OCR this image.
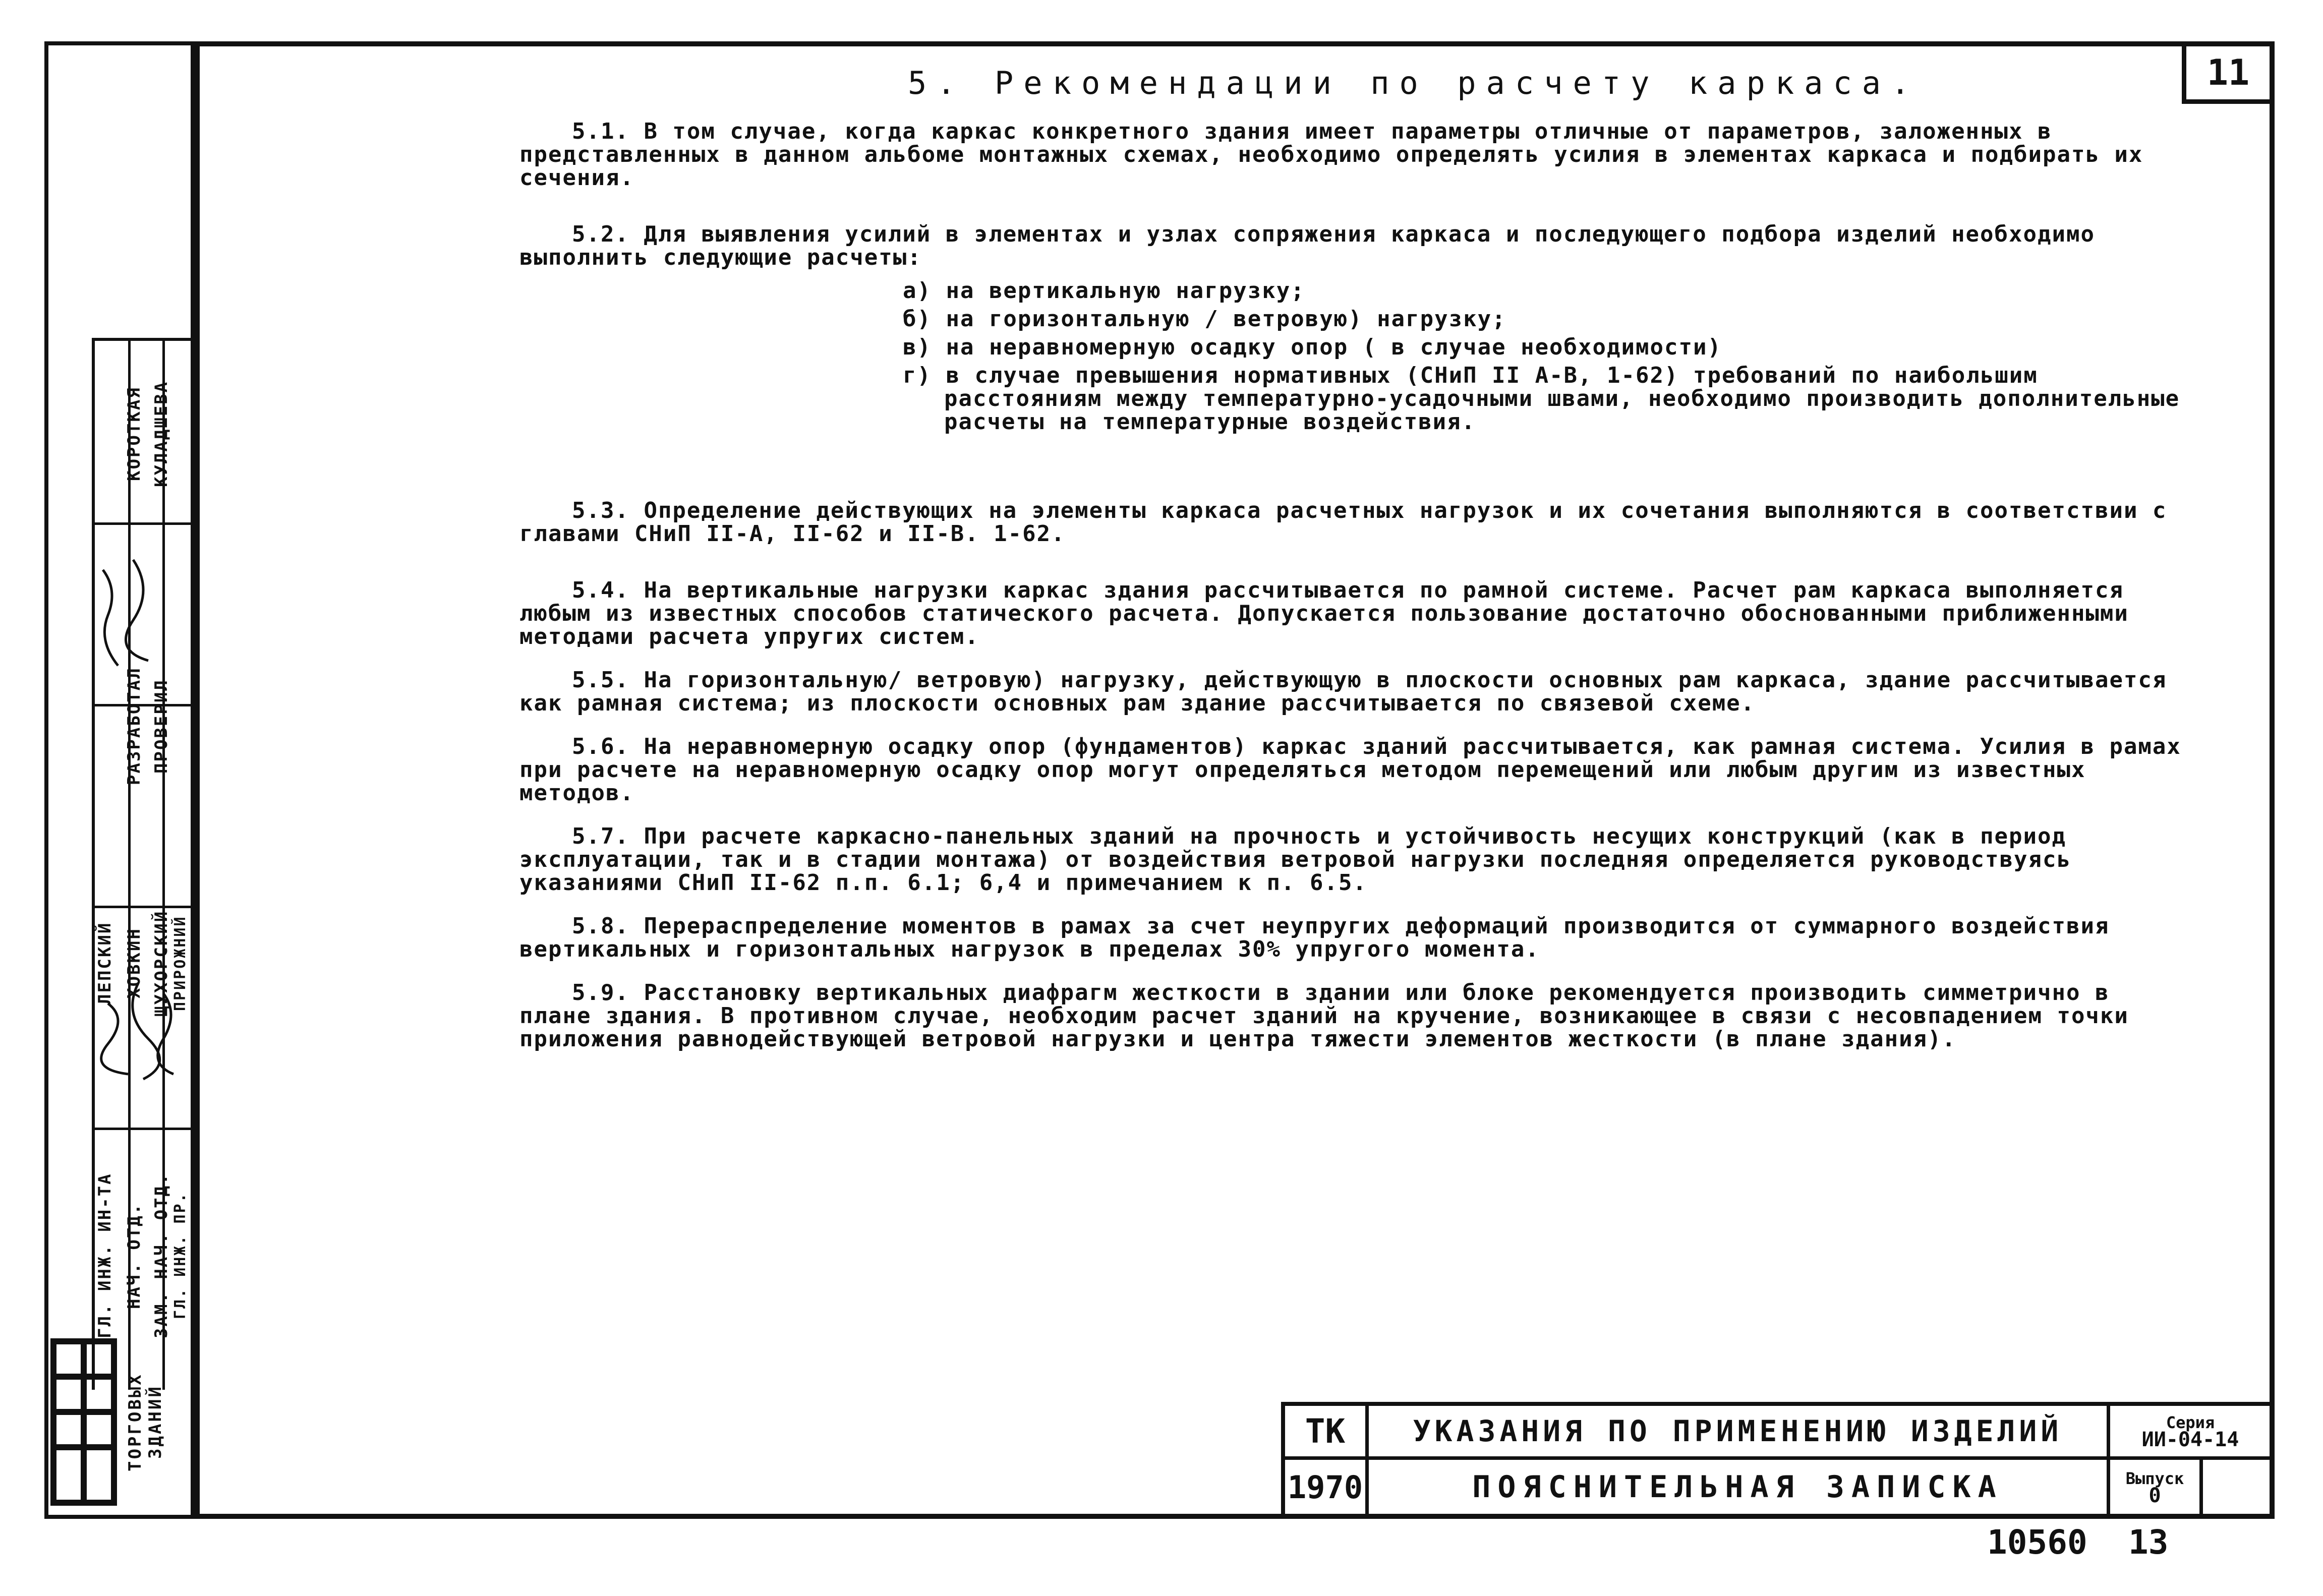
11
5. Рекомендации по расчету каркаса.

5.1. В том случае, когда каркас конкретного здания имеет параметры отличные от параметров, заложенных в представленных в данном альбоме монтажных схемах, необходимо определять усилия в элементах каркаса и подбирать их сечения.

5.2. Для выявления усилий в элементах и узлах сопряжения каркаса и последующего подбора изделий необходимо выполнить следующие расчеты:

а) на вертикальную нагрузку;
б) на горизонтальную / ветровую) нагрузку;
в) на неравномерную осадку опор ( в случае необходимости)
г) в случае превышения нормативных (СНиП II А-В, 1-62) требований по наибольшим расстояниям между температурно-усадочными швами, необходимо производить дополнительные расчеты на температурные воздействия.

5.3. Определение действующих на элементы каркаса расчетных нагрузок и их сочетания выполняются в соответствии с главами СНиП II-А, II-62 и II-В. 1-62.

5.4. На вертикальные нагрузки каркас здания рассчитывается по рамной системе. Расчет рам каркаса выполняется любым из известных способов статического расчета. Допускается пользование достаточно обоснованными приближенными методами расчета упругих систем.

5.5. На горизонтальную/ ветровую) нагрузку, действующую в плоскости основных рам каркаса, здание рассчитывается как рамная система; из плоскости основных рам здание рассчитывается по связевой схеме.

5.6. На неравномерную осадку опор (фундаментов) каркас зданий рассчитывается, как рамная система. Усилия в рамах при расчете на неравномерную осадку опор могут определяться методом перемещений или любым другим из известных методов.

5.7. При расчете каркасно-панельных зданий на прочность и устойчивость несущих конструкций (как в период эксплуатации, так и в стадии монтажа) от воздействия ветровой нагрузки последняя определяется руководствуясь указаниями СНиП II-62 п.п. 6.1; 6,4 и примечанием к п. 6.5.

5.8. Перераспределение моментов в рамах за счет неупругих деформаций производится от суммарного воздействия вертикальных и горизонтальных нагрузок в пределах 30% упругого момента.

5.9. Расстановку вертикальных диафрагм жесткости в здании или блоке рекомендуется производить симметрично в плане здания. В противном случае, необходим расчет зданий на кручение, возникающее в связи с несовпадением точки приложения равнодействующей ветровой нагрузки и центра тяжести элементов жесткости (в плане здания).

ГЛ. ИНЖ. ИН-ТА НАЧ. ОТД. ЗАМ. НАЧ. ОТД. ГЛ. ИНЖ. ПР.
ЛЕПСКИЙ ХОВКИН ЩУХОРСКИЙ ПРИРОЖНИЙ
РАЗРАБОТАЛ ПРОВЕРИЛ
КОРОТКАЯ КУЛАДШЕВА
ТОРГОВЫХ ЗДАНИЙ	ТК
1970
УКАЗАНИЯ ПО ПРИМЕНЕНИЮ ИЗДЕЛИЙ
ПОЯСНИТЕЛЬНАЯ ЗАПИСКА
Серия
ИИ-04-14
Выпуск
0
10560 13
